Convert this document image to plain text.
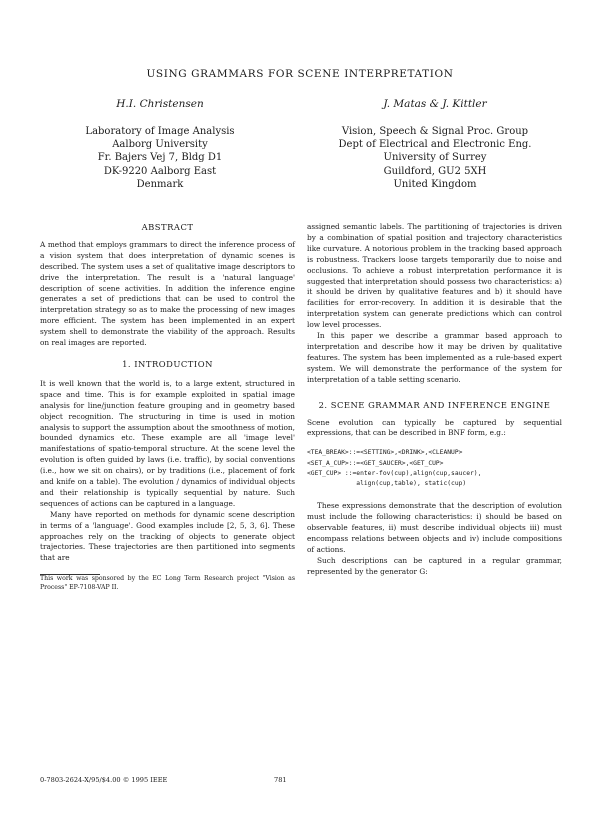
USING GRAMMARS FOR SCENE INTERPRETATION
H.I. Christensen	J. Matas & J. Kittler
Laboratory of Image Analysis
Aalborg University
Fr. Bajers Vej 7, Bldg D1
DK-9220 Aalborg East
Denmark
Vision, Speech & Signal Proc. Group
Dept of Electrical and Electronic Eng.
University of Surrey
Guildford, GU2 5XH
United Kingdom

ABSTRACT

A method that employs grammars to direct the inference process of a vision system that does interpretation of dynamic scenes is described. The system uses a set of qualitative image descriptors to drive the interpretation. The result is a 'natural language' description of scene activities. In addition the inference engine generates a set of predictions that can be used to control the interpretation strategy so as to make the processing of new images more efficient. The system has been implemented in an expert system shell to demonstrate the viability of the approach. Results on real images are reported.

1. INTRODUCTION

It is well known that the world is, to a large extent, structured in space and time. This is for example exploited in spatial image analysis for line/junction feature grouping and in geometry based object recognition. The structuring in time is used in motion analysis to support the assumption about the smoothness of motion, bounded dynamics etc. These example are all 'image level' manifestations of spatio-temporal structure. At the scene level the evolution is often guided by laws (i.e. traffic), by social conventions (i.e., how we sit on chairs), or by traditions (i.e., placement of fork and knife on a table). The evolution / dynamics of individual objects and their relationship is typically sequential by nature. Such sequences of actions can be captured in a language.

Many have reported on methods for dynamic scene description in terms of a 'language'. Good examples include [2, 5, 3, 6]. These approaches rely on the tracking of objects to generate object trajectories. These trajectories are then partitioned into segments that are

This work was sponsored by the EC Long Term Research project "Vision as Process" EP-7108-VAP II.

assigned semantic labels. The partitioning of trajectories is driven by a combination of spatial position and trajectory characteristics like curvature. A notorious problem in the tracking based approach is robustness. Trackers loose targets temporarily due to noise and occlusions. To achieve a robust interpretation performance it is suggested that interpretation should possess two characteristics: a) it should be driven by qualitative features and b) it should have facilities for error-recovery. In addition it is desirable that the interpretation system can generate predictions which can control low level processes.

In this paper we describe a grammar based approach to interpretation and describe how it may be driven by qualitative features. The system has been implemented as a rule-based expert system. We will demonstrate the performance of the system for interpretation of a table setting scenario.

2. SCENE GRAMMAR AND INFERENCE ENGINE

Scene evolution can typically be captured by sequential expressions, that can be described in BNF form, e.g.:

<TEA_BREAK>::=<SETTING>,<DRINK>,<CLEANUP>

<SET_A_CUP>::=<GET_SAUCER>,<GET_CUP>

<GET_CUP> ::=enter-fov(cup),align(cup,saucer),

align(cup,table), static(cup)

These expressions demonstrate that the description of evolution must include the following characteristics: i) should be based on observable features, ii) must describe individual objects iii) must encompass relations between objects and iv) include compositions of actions.

Such descriptions can be captured in a regular grammar, represented by the generator G:

0-7803-2624-X/95/$4.00 © 1995 IEEE	781
